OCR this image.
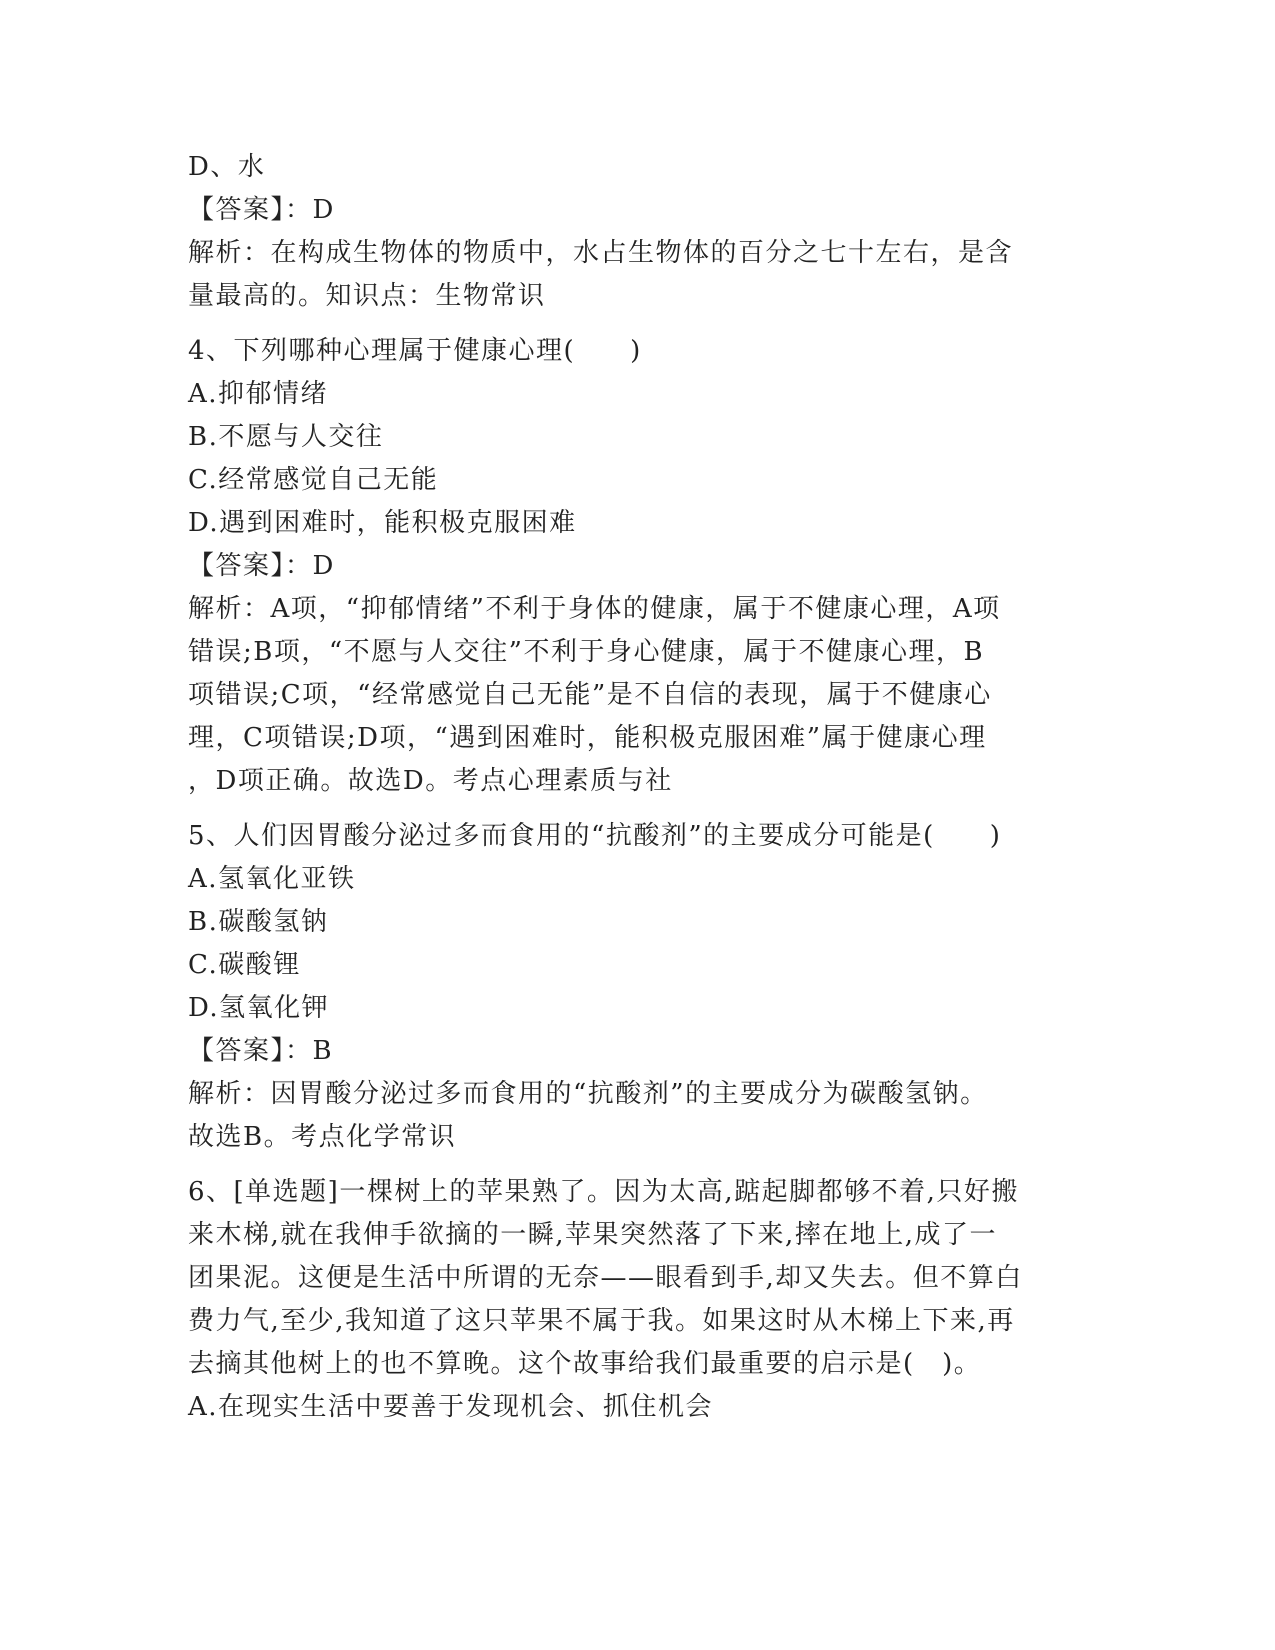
D、水
【答案】：D
解析：在构成生物体的物质中，水占生物体的百分之七十左右，是含
量最高的。知识点：生物常识
4、下列哪种心理属于健康心理(　　)
A.抑郁情绪
B.不愿与人交往
C.经常感觉自己无能
D.遇到困难时，能积极克服困难
【答案】：D
解析：A项，“抑郁情绪”不利于身体的健康，属于不健康心理，A项
错误;B项，“不愿与人交往”不利于身心健康，属于不健康心理，B
项错误;C项，“经常感觉自己无能”是不自信的表现，属于不健康心
理，C项错误;D项，“遇到困难时，能积极克服困难”属于健康心理
，D项正确。故选D。考点心理素质与社
5、人们因胃酸分泌过多而食用的“抗酸剂”的主要成分可能是(　　)
A.氢氧化亚铁
B.碳酸氢钠
C.碳酸锂
D.氢氧化钾
【答案】：B
解析：因胃酸分泌过多而食用的“抗酸剂”的主要成分为碳酸氢钠。
故选B。考点化学常识
6、[单选题]一棵树上的苹果熟了。因为太高,踮起脚都够不着,只好搬
来木梯,就在我伸手欲摘的一瞬,苹果突然落了下来,摔在地上,成了一
团果泥。这便是生活中所谓的无奈——眼看到手,却又失去。但不算白
费力气,至少,我知道了这只苹果不属于我。如果这时从木梯上下来,再
去摘其他树上的也不算晚。这个故事给我们最重要的启示是(　)。
A.在现实生活中要善于发现机会、抓住机会
